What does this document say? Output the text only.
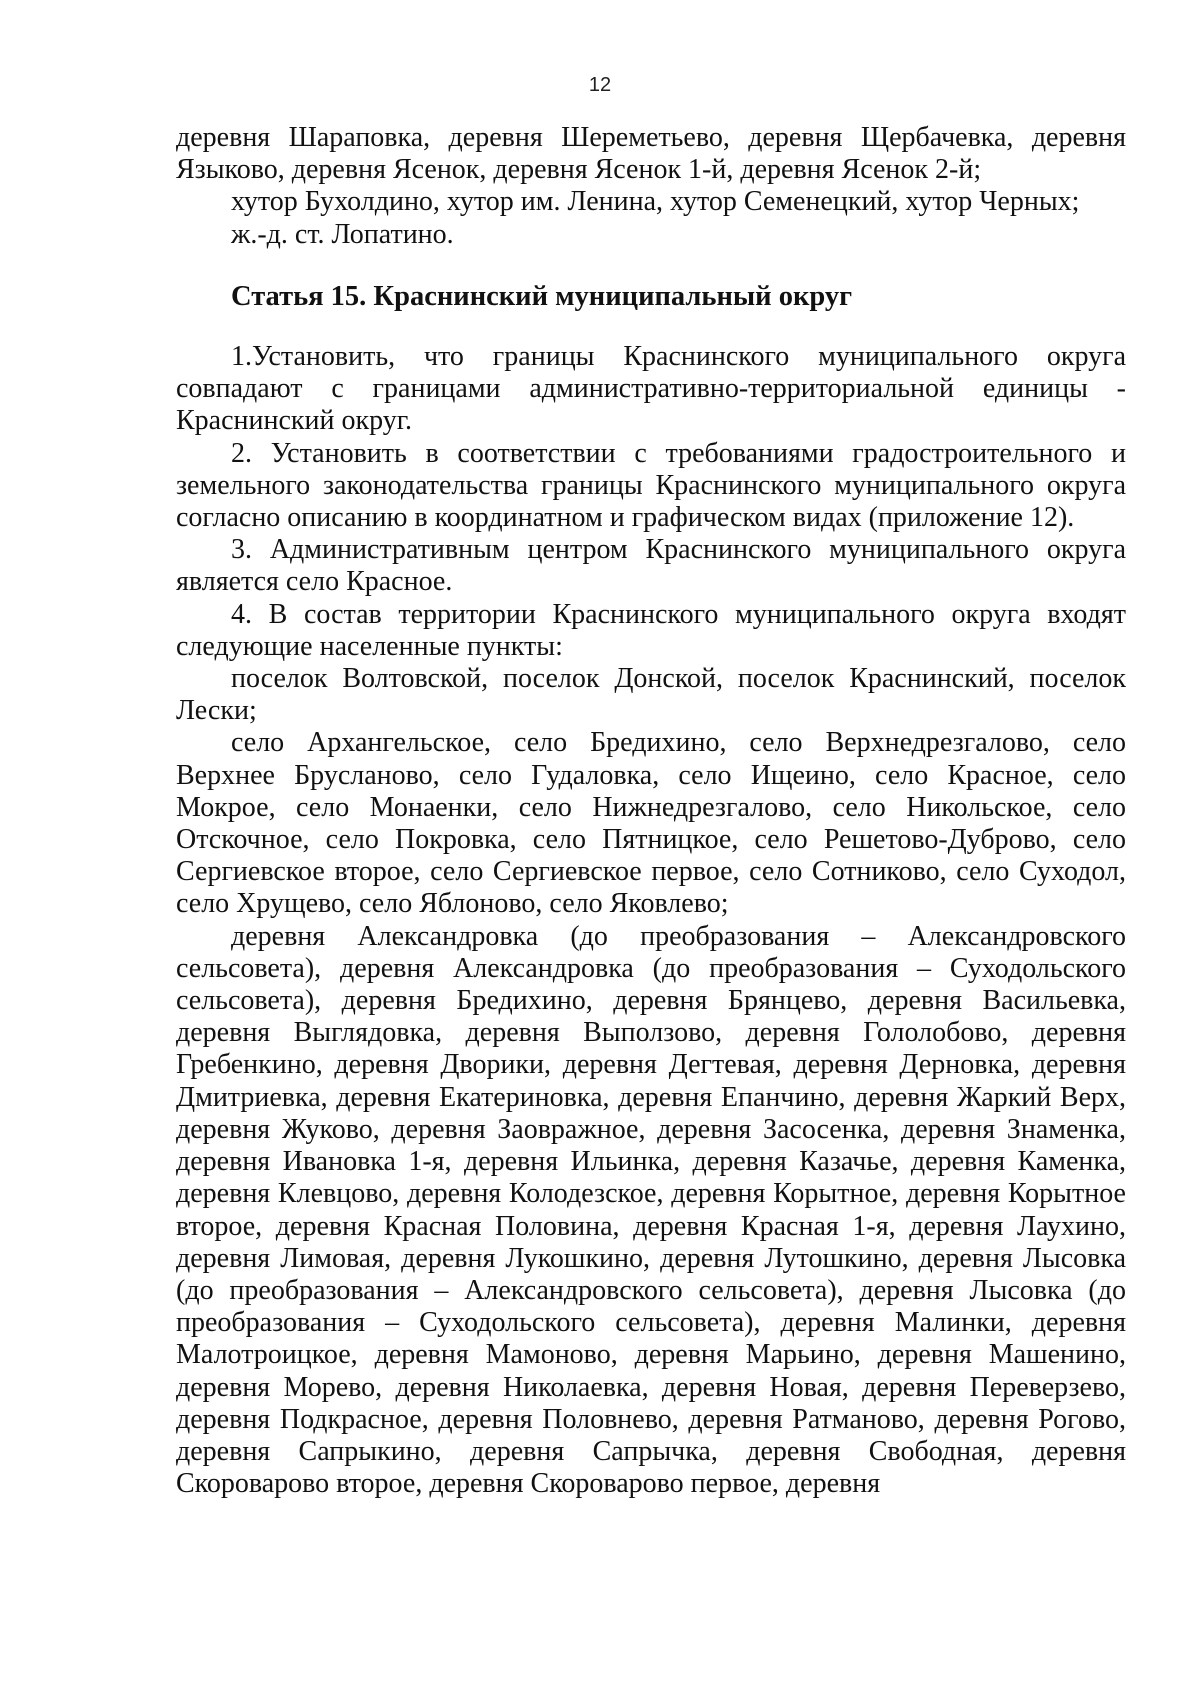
12

деревня Шараповка, деревня Шереметьево, деревня Щербачевка, деревня Языково, деревня Ясенок, деревня Ясенок 1-й, деревня Ясенок 2-й;

хутор Бухолдино, хутор им. Ленина, хутор Семенецкий, хутор Черных;

ж.-д. ст. Лопатино.

Статья 15. Краснинский муниципальный округ

1.Установить, что границы Краснинского муниципального округа совпадают с границами административно-территориальной единицы - Краснинский округ.

2. Установить в соответствии с требованиями градостроительного и земельного законодательства границы Краснинского муниципального округа согласно описанию в координатном и графическом видах (приложение 12).

3. Административным центром Краснинского муниципального округа является село Красное.

4. В состав территории Краснинского муниципального округа входят следующие населенные пункты:

поселок Волтовской, поселок Донской, поселок Краснинский, поселок Лески;

село Архангельское, село Бредихино, село Верхнедрезгалово, село Верхнее Брусланово, село Гудаловка, село Ищеино, село Красное, село Мокрое, село Монаенки, село Нижнедрезгалово, село Никольское, село Отскочное, село Покровка, село Пятницкое, село Решетово-Дуброво, село Сергиевское второе, село Сергиевское первое, село Сотниково, село Суходол, село Хрущево, село Яблоново, село Яковлево;

деревня Александровка (до преобразования – Александровского сельсовета), деревня Александровка (до преобразования – Суходольского сельсовета), деревня Бредихино, деревня Брянцево, деревня Васильевка, деревня Выглядовка, деревня Выползово, деревня Гололобово, деревня Гребенкино, деревня Дворики, деревня Дегтевая, деревня Дерновка, деревня Дмитриевка, деревня Екатериновка, деревня Епанчино, деревня Жаркий Верх, деревня Жуково, деревня Заовражное, деревня Засосенка, деревня Знаменка, деревня Ивановка 1-я, деревня Ильинка, деревня Казачье, деревня Каменка, деревня Клевцово, деревня Колодезское, деревня Корытное, деревня Корытное второе, деревня Красная Половина, деревня Красная 1-я, деревня Лаухино, деревня Лимовая, деревня Лукошкино, деревня Лутошкино, деревня Лысовка (до преобразования – Александровского сельсовета), деревня Лысовка (до преобразования – Суходольского сельсовета), деревня Малинки, деревня Малотроицкое, деревня Мамоново, деревня Марьино, деревня Машенино, деревня Морево, деревня Николаевка, деревня Новая, деревня Переверзево, деревня Подкрасное, деревня Половнево, деревня Ратманово, деревня Рогово, деревня Сапрыкино, деревня Сапрычка, деревня Свободная, деревня Скороварово второе, деревня Скороварово первое, деревня
